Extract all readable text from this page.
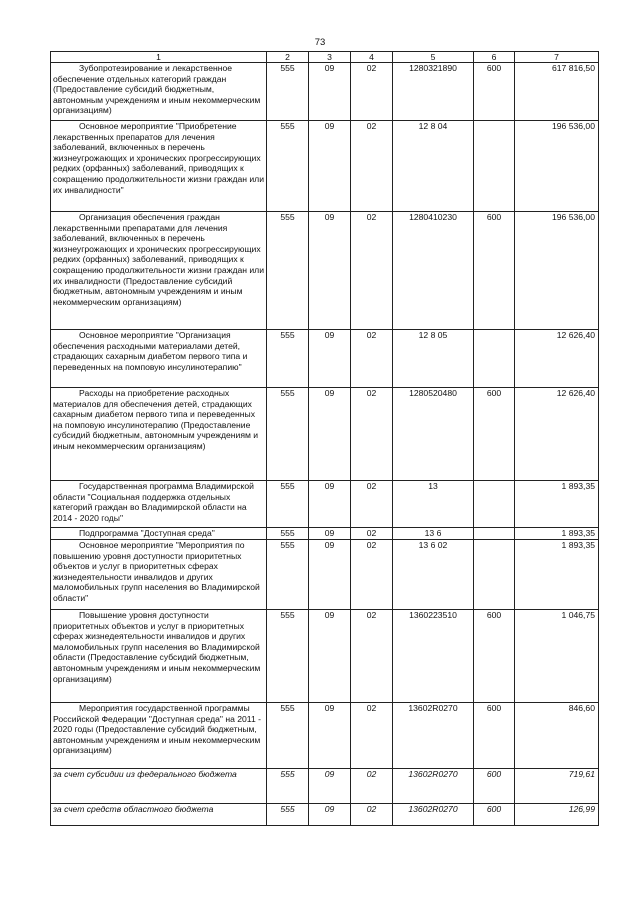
73
1	2	3	4	5	6	7
Зубопротезирование и лекарственное обеспечение отдельных категорий граждан (Предоставление субсидий бюджетным, автономным учреждениям и иным некоммерческим организациям)	555	09	02	1280321890	600	617 816,50
Основное мероприятие "Приобретение лекарственных препаратов для лечения заболеваний, включенных в перечень жизнеугрожающих и хронических прогрессирующих редких (орфанных) заболеваний, приводящих к сокращению продолжительности жизни граждан или их инвалидности"	555	09	02	12 8 04		196 536,00
Организация обеспечения граждан лекарственными препаратами для лечения заболеваний, включенных в перечень жизнеугрожающих и хронических прогрессирующих редких (орфанных) заболеваний, приводящих к сокращению продолжительности жизни граждан или их инвалидности (Предоставление субсидий бюджетным, автономным учреждениям и иным некоммерческим организациям)	555	09	02	1280410230	600	196 536,00
Основное мероприятие "Организация обеспечения расходными материалами детей, страдающих сахарным диабетом первого типа и переведенных на помповую инсулинотерапию"	555	09	02	12 8 05		12 626,40
Расходы на приобретение расходных материалов для обеспечения детей, страдающих сахарным диабетом первого типа и переведенных на помповую инсулинотерапию (Предоставление субсидий бюджетным, автономным учреждениям и иным некоммерческим организациям)	555	09	02	1280520480	600	12 626,40
Государственная программа Владимирской области "Социальная поддержка отдельных категорий граждан во Владимирской области на 2014 - 2020 годы"	555	09	02	13		1 893,35
Подпрограмма "Доступная среда"	555	09	02	13 6		1 893,35
Основное мероприятие "Мероприятия по повышению уровня доступности приоритетных объектов и услуг в приоритетных сферах жизнедеятельности инвалидов и других маломобильных групп населения во Владимирской области"	555	09	02	13 6 02		1 893,35
Повышение уровня доступности приоритетных объектов и услуг в приоритетных сферах жизнедеятельности инвалидов и других маломобильных групп населения во Владимирской области (Предоставление субсидий бюджетным, автономным учреждениям и иным некоммерческим организациям)	555	09	02	1360223510	600	1 046,75
Мероприятия государственной программы Российской Федерации "Доступная среда" на 2011 - 2020 годы (Предоставление субсидий бюджетным, автономным учреждениям и иным некоммерческим организациям)	555	09	02	13602R0270	600	846,60
за счет субсидии из федерального бюджета	555	09	02	13602R0270	600	719,61
за счет средств областного бюджета	555	09	02	13602R0270	600	126,99
